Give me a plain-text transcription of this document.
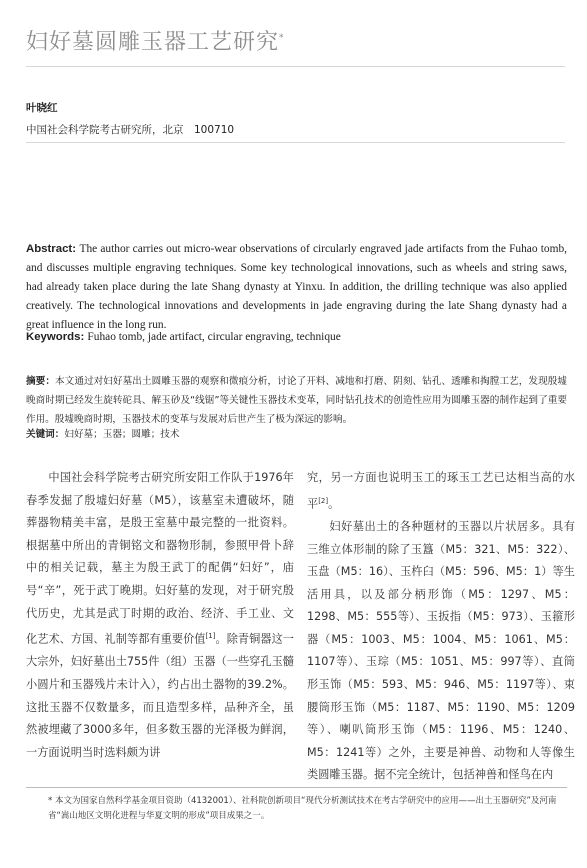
妇好墓圆雕玉器工艺研究*
叶晓红
中国社会科学院考古研究所，北京　100710
Abstract: The author carries out micro-wear observations of circularly engraved jade artifacts from the Fuhao tomb, and discusses multiple engraving techniques. Some key technological innovations, such as wheels and string saws, had already taken place during the late Shang dynasty at Yinxu. In addition, the drilling technique was also applied creatively. The technological innovations and developments in jade engraving during the late Shang dynasty had a great influence in the long run.
Keywords: Fuhao tomb, jade artifact, circular engraving, technique
摘要：本文通过对妇好墓出土圆雕玉器的观察和微痕分析，讨论了开料、减地和打磨、阴刻、钻孔、透雕和掏膛工艺，发现殷墟晚商时期已经发生旋转砣具、解玉砂及“线锯”等关键性玉器技术变革，同时钻孔技术的创造性应用为圆雕玉器的制作起到了重要作用。殷墟晚商时期，玉器技术的变革与发展对后世产生了极为深远的影响。
关键词：妇好墓；玉器；圆雕；技术

中国社会科学院考古研究所安阳工作队于1976年春季发掘了殷墟妇好墓（M5），该墓室未遭破坏，随葬器物精美丰富，是殷王室墓中最完整的一批资料。根据墓中所出的青铜铭文和器物形制，参照甲骨卜辞中的相关记载，墓主为殷王武丁的配偶“妇好”，庙号“辛”，死于武丁晚期。妇好墓的发现，对于研究殷代历史，尤其是武丁时期的政治、经济、手工业、文化艺术、方国、礼制等都有重要价值[1]。除青铜器这一大宗外，妇好墓出土755件（组）玉器（一些穿孔玉髓小圆片和玉器残片未计入），约占出土器物的39.2%。这批玉器不仅数量多，而且造型多样，品种齐全，虽然被埋藏了3000多年，但多数玉器的光泽极为鲜润，一方面说明当时选料颇为讲

究，另一方面也说明玉工的琢玉工艺已达相当高的水平[2]。

妇好墓出土的各种题材的玉器以片状居多。具有三维立体形制的除了玉簋（M5：321、M5：322）、玉盘（M5：16）、玉杵臼（M5：596、M5：1）等生活用具，以及部分柄形饰（M5：1297、M5：1298、M5：555等）、玉扳指（M5：973）、玉箍形器（M5：1003、M5：1004、M5：1061、M5：1107等）、玉琮（M5：1051、M5：997等）、直筒形玉饰（M5：593、M5：946、M5：1197等）、束腰筒形玉饰（M5：1187、M5：1190、M5：1209等）、喇叭筒形玉饰（M5：1196、M5：1240、M5：1241等）之外，主要是神兽、动物和人等像生类圆雕玉器。据不完全统计，包括神兽和怪鸟在内

* 本文为国家自然科学基金项目资助（4132001）、社科院创新项目“现代分析测试技术在考古学研究中的应用——出土玉器研究”及河南省“嵩山地区文明化进程与华夏文明的形成”项目成果之一。
